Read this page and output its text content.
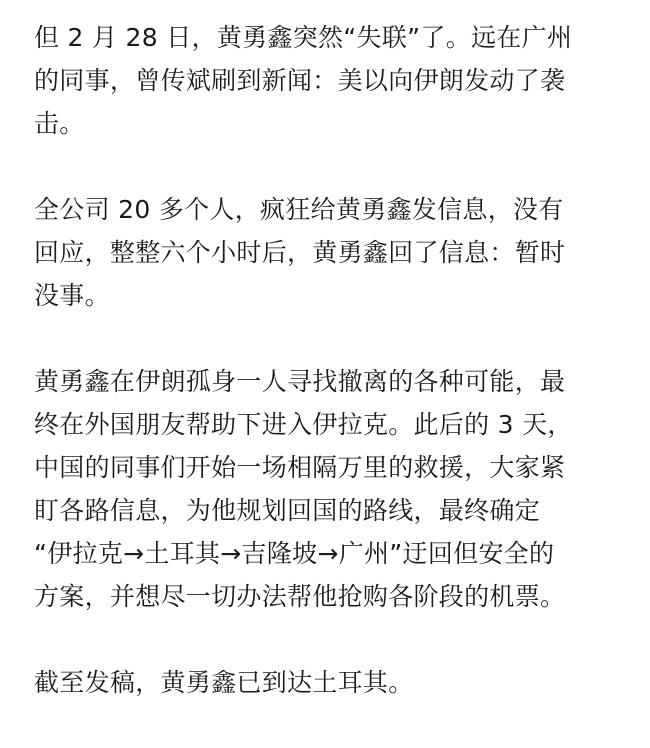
但 2 月 28 日，黄勇鑫突然“失联”了。远在广州
的同事，曾传斌刷到新闻：美以向伊朗发动了袭
击。

全公司 20 多个人，疯狂给黄勇鑫发信息，没有
回应，整整六个小时后，黄勇鑫回了信息：暂时
没事。

黄勇鑫在伊朗孤身一人寻找撤离的各种可能，最
终在外国朋友帮助下进入伊拉克。此后的 3 天，
中国的同事们开始一场相隔万里的救援，大家紧
盯各路信息，为他规划回国的路线，最终确定
“伊拉克→土耳其→吉隆坡→广州”迂回但安全的
方案，并想尽一切办法帮他抢购各阶段的机票。

截至发稿，黄勇鑫已到达土耳其。
